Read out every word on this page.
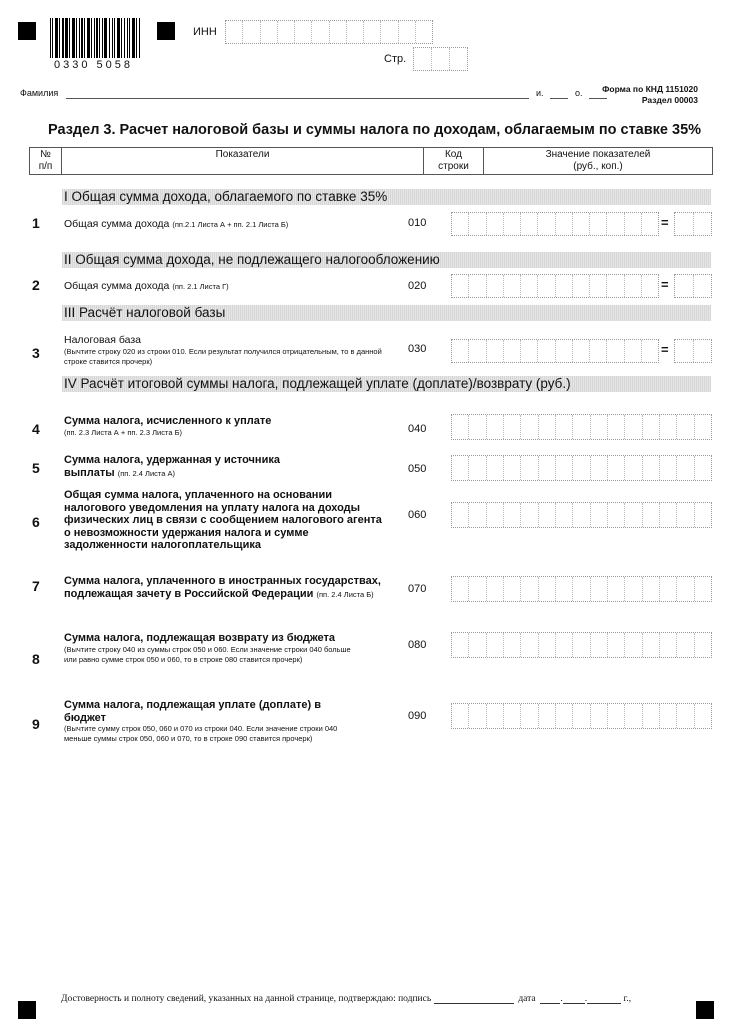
0330 5058
ИНН
Стр.
Фамилия	и.	о. Форма по КНД 1151020
Раздел 00003
Раздел 3. Расчет налоговой базы и суммы налога по доходам, облагаемым по ставке 35%
№
п/п
Показатели	Код
строки
Значение показателей
(руб., коп.)
I Общая сумма дохода, облагаемого по ставке 35%
II Общая сумма дохода, не подлежащего налогообложению
III Расчёт налоговой базы
IV Расчёт итоговой суммы налога, подлежащей уплате (доплате)/возврату (руб.)
1 Общая сумма дохода (пп.2.1 Листа А + пп. 2.1 Листа Б)	010	=
2 Общая сумма дохода (пп. 2.1 Листа Г)	020	=
3
Налоговая база
(Вычтите строку 020 из строки 010. Если результат получился отрицательным, то в данной строке ставится прочерк)
030	=
4 Сумма налога, исчисленного к уплате
(пп. 2.3 Листа А + пп. 2.3 Листа Б)	040
5 Сумма налога, удержанная у источника выплаты (пп. 2.4 Листа А)	050
6
Общая сумма налога, уплаченного на основании налогового уведомления на уплату налога на доходы физических лиц в связи с сообщением налогового агента о невозможности удержания налога и сумме задолженности налогоплательщика
060
7 Сумма налога, уплаченного в иностранных государствах, подлежащая зачету в Российской Федерации (пп. 2.4 Листа Б)	070
8
Сумма налога, подлежащая возврату из бюджета
(Вычтите строку 040 из суммы строк 050 и 060. Если значение строки 040 больше или равно сумме строк 050 и 060, то в строке 080 ставится прочерк)
080
9
Сумма налога, подлежащая уплате (доплате) в бюджет
(Вычтите сумму строк 050, 060 и 070 из строки 040. Если значение строки 040 меньше суммы строк 050, 060 и 070, то в строке 090 ставится прочерк)
090
Достоверность и полноту сведений, указанных на данной странице, подтверждаю: подпись	дата	. .	г.,
